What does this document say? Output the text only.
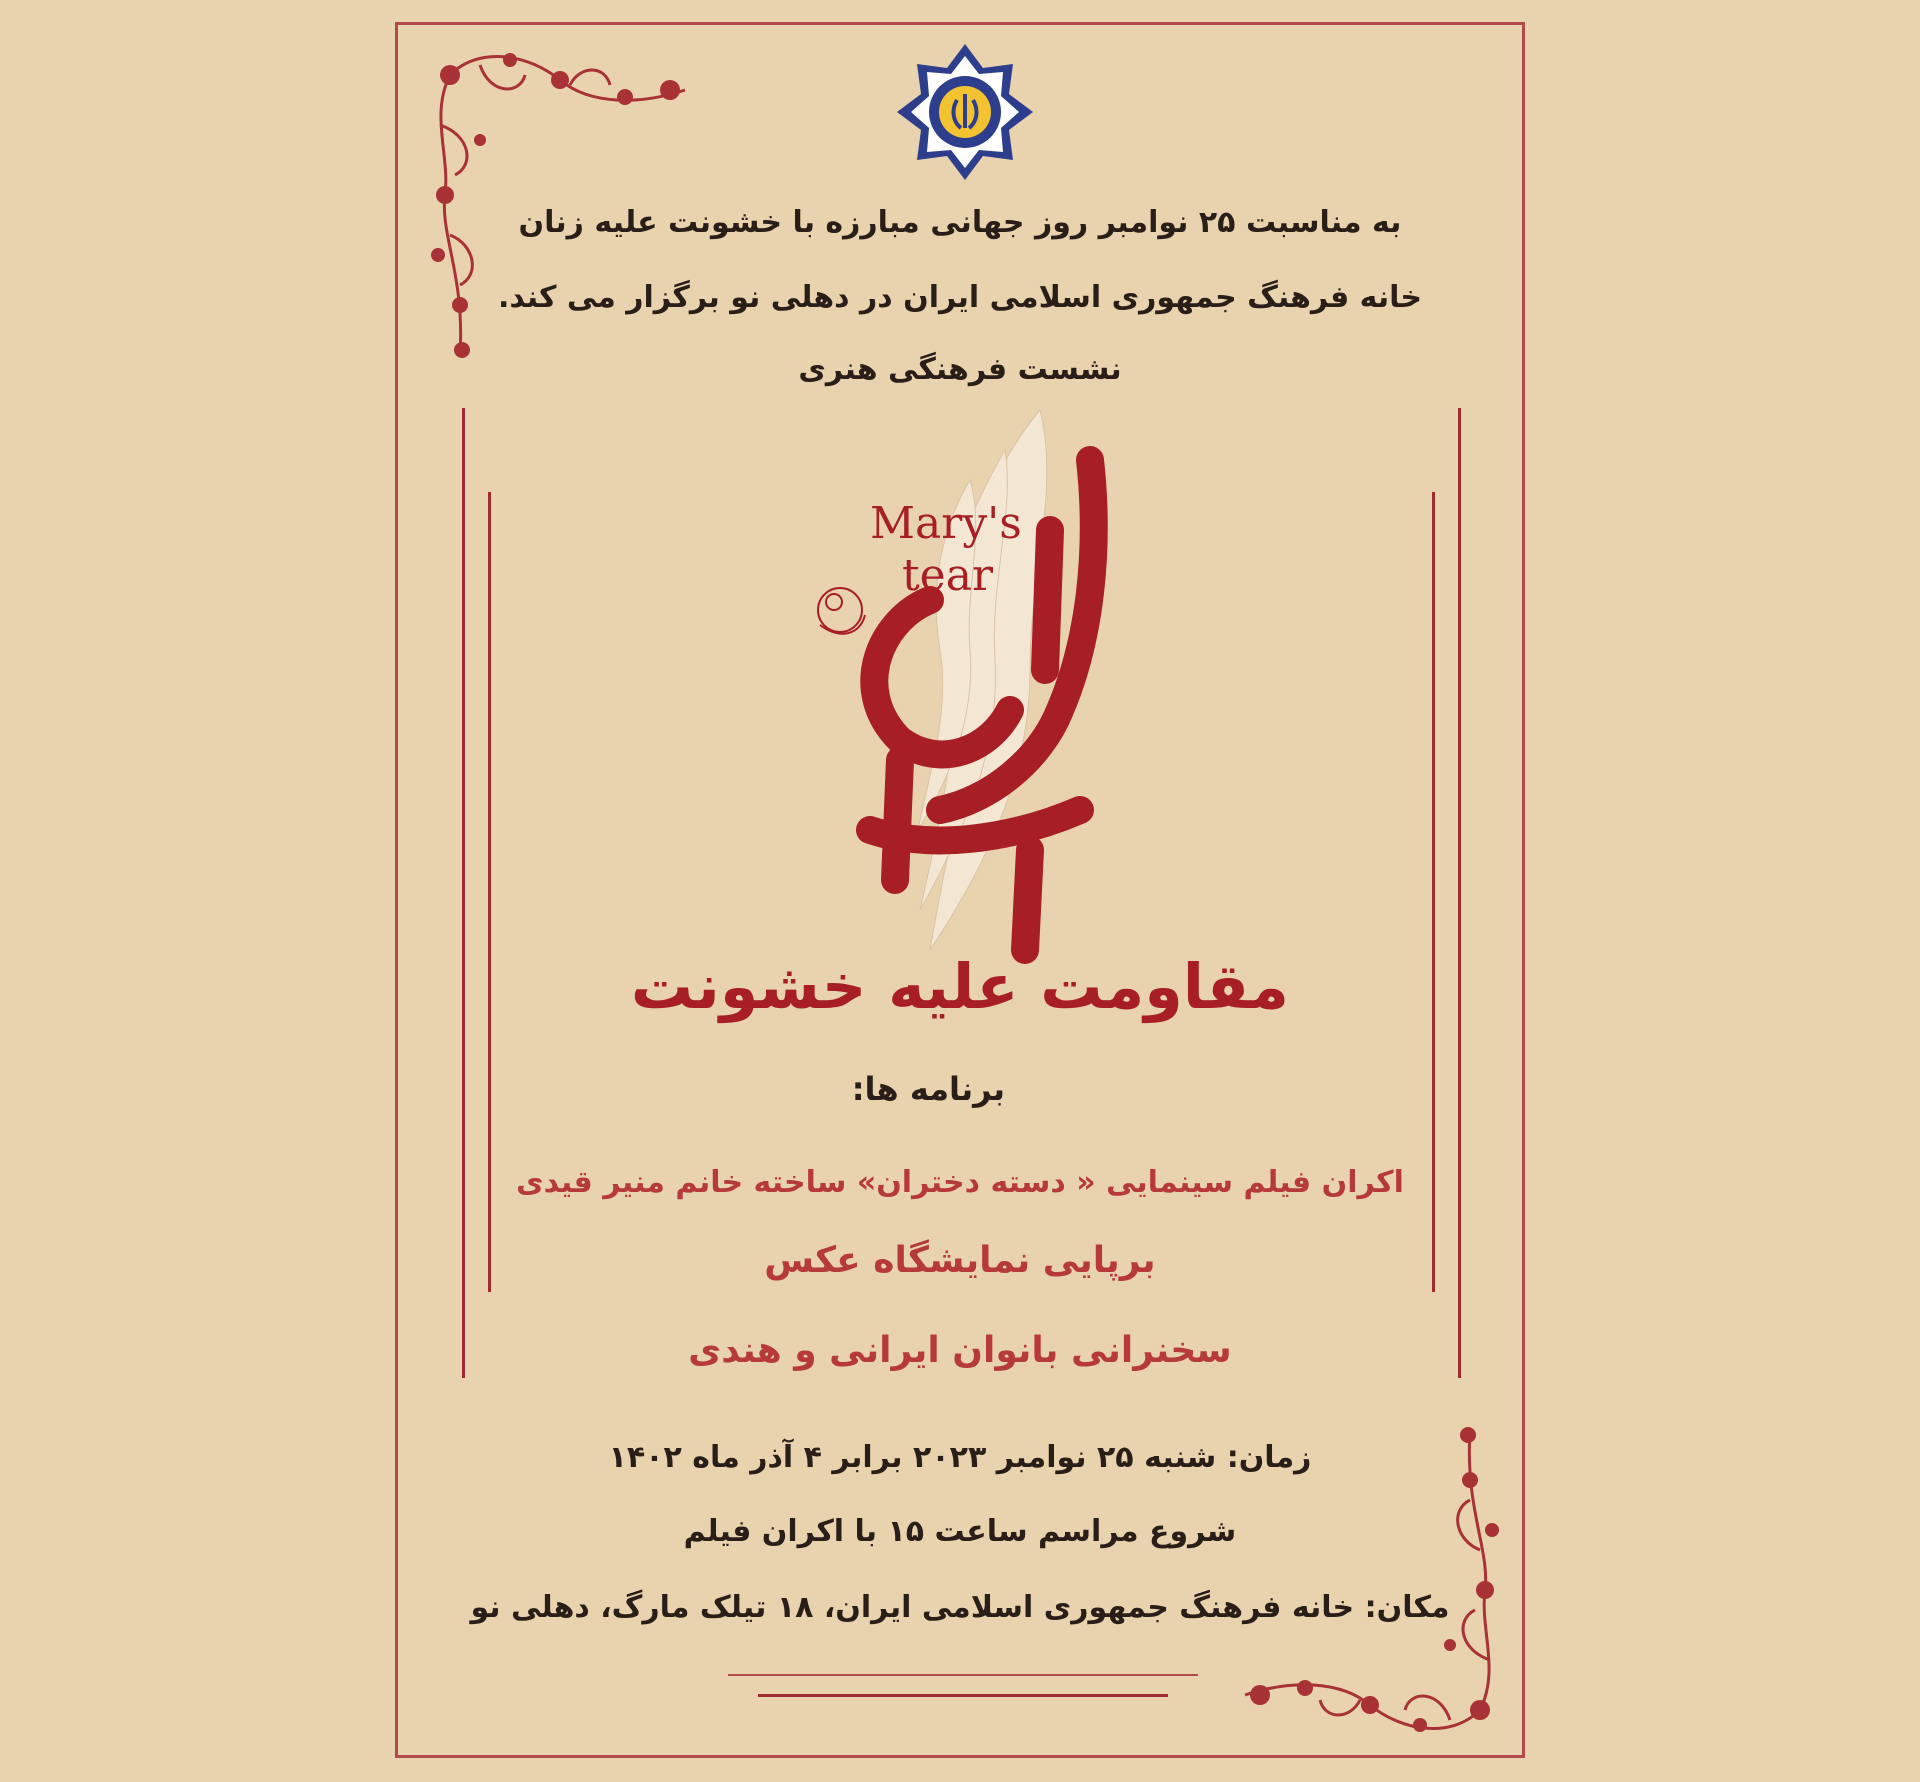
به مناسبت ۲۵ نوامبر روز جهانی مبارزه با خشونت علیه زنان
خانه فرهنگ جمهوری اسلامی ایران در دهلی نو برگزار می کند.
نشست فرهنگی هنری
Mary's
tear
مقاومت علیه خشونت
برنامه ها:
اکران فیلم سینمایی « دسته دختران» ساخته خانم منیر قیدی
برپایی نمایشگاه عکس
سخنرانی بانوان ایرانی و هندی
زمان: شنبه ۲۵ نوامبر ۲۰۲۳ برابر ۴ آذر ماه ۱۴۰۲
شروع مراسم ساعت ۱۵ با اکران فیلم
مکان: خانه فرهنگ جمهوری اسلامی ایران، ۱۸ تیلک مارگ، دهلی نو
